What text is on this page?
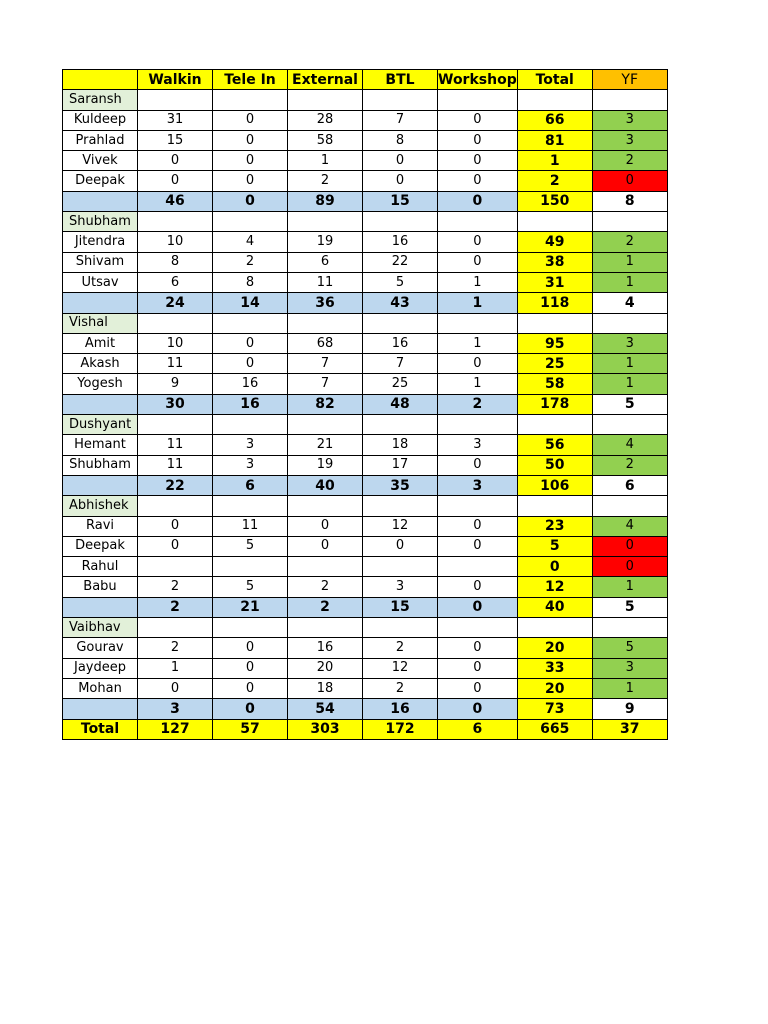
	Walkin	Tele In	External	BTL	Workshop	Total	YF
Saransh							
Kuldeep	31	0	28	7	0	66	3
Prahlad	15	0	58	8	0	81	3
Vivek	0	0	1	0	0	1	2
Deepak	0	0	2	0	0	2	0
	46	0	89	15	0	150	8
Shubham							
Jitendra	10	4	19	16	0	49	2
Shivam	8	2	6	22	0	38	1
Utsav	6	8	11	5	1	31	1
	24	14	36	43	1	118	4
Vishal							
Amit	10	0	68	16	1	95	3
Akash	11	0	7	7	0	25	1
Yogesh	9	16	7	25	1	58	1
	30	16	82	48	2	178	5
Dushyant							
Hemant	11	3	21	18	3	56	4
Shubham	11	3	19	17	0	50	2
	22	6	40	35	3	106	6
Abhishek							
Ravi	0	11	0	12	0	23	4
Deepak	0	5	0	0	0	5	0
Rahul						0	0
Babu	2	5	2	3	0	12	1
	2	21	2	15	0	40	5
Vaibhav							
Gourav	2	0	16	2	0	20	5
Jaydeep	1	0	20	12	0	33	3
Mohan	0	0	18	2	0	20	1
	3	0	54	16	0	73	9
Total	127	57	303	172	6	665	37
